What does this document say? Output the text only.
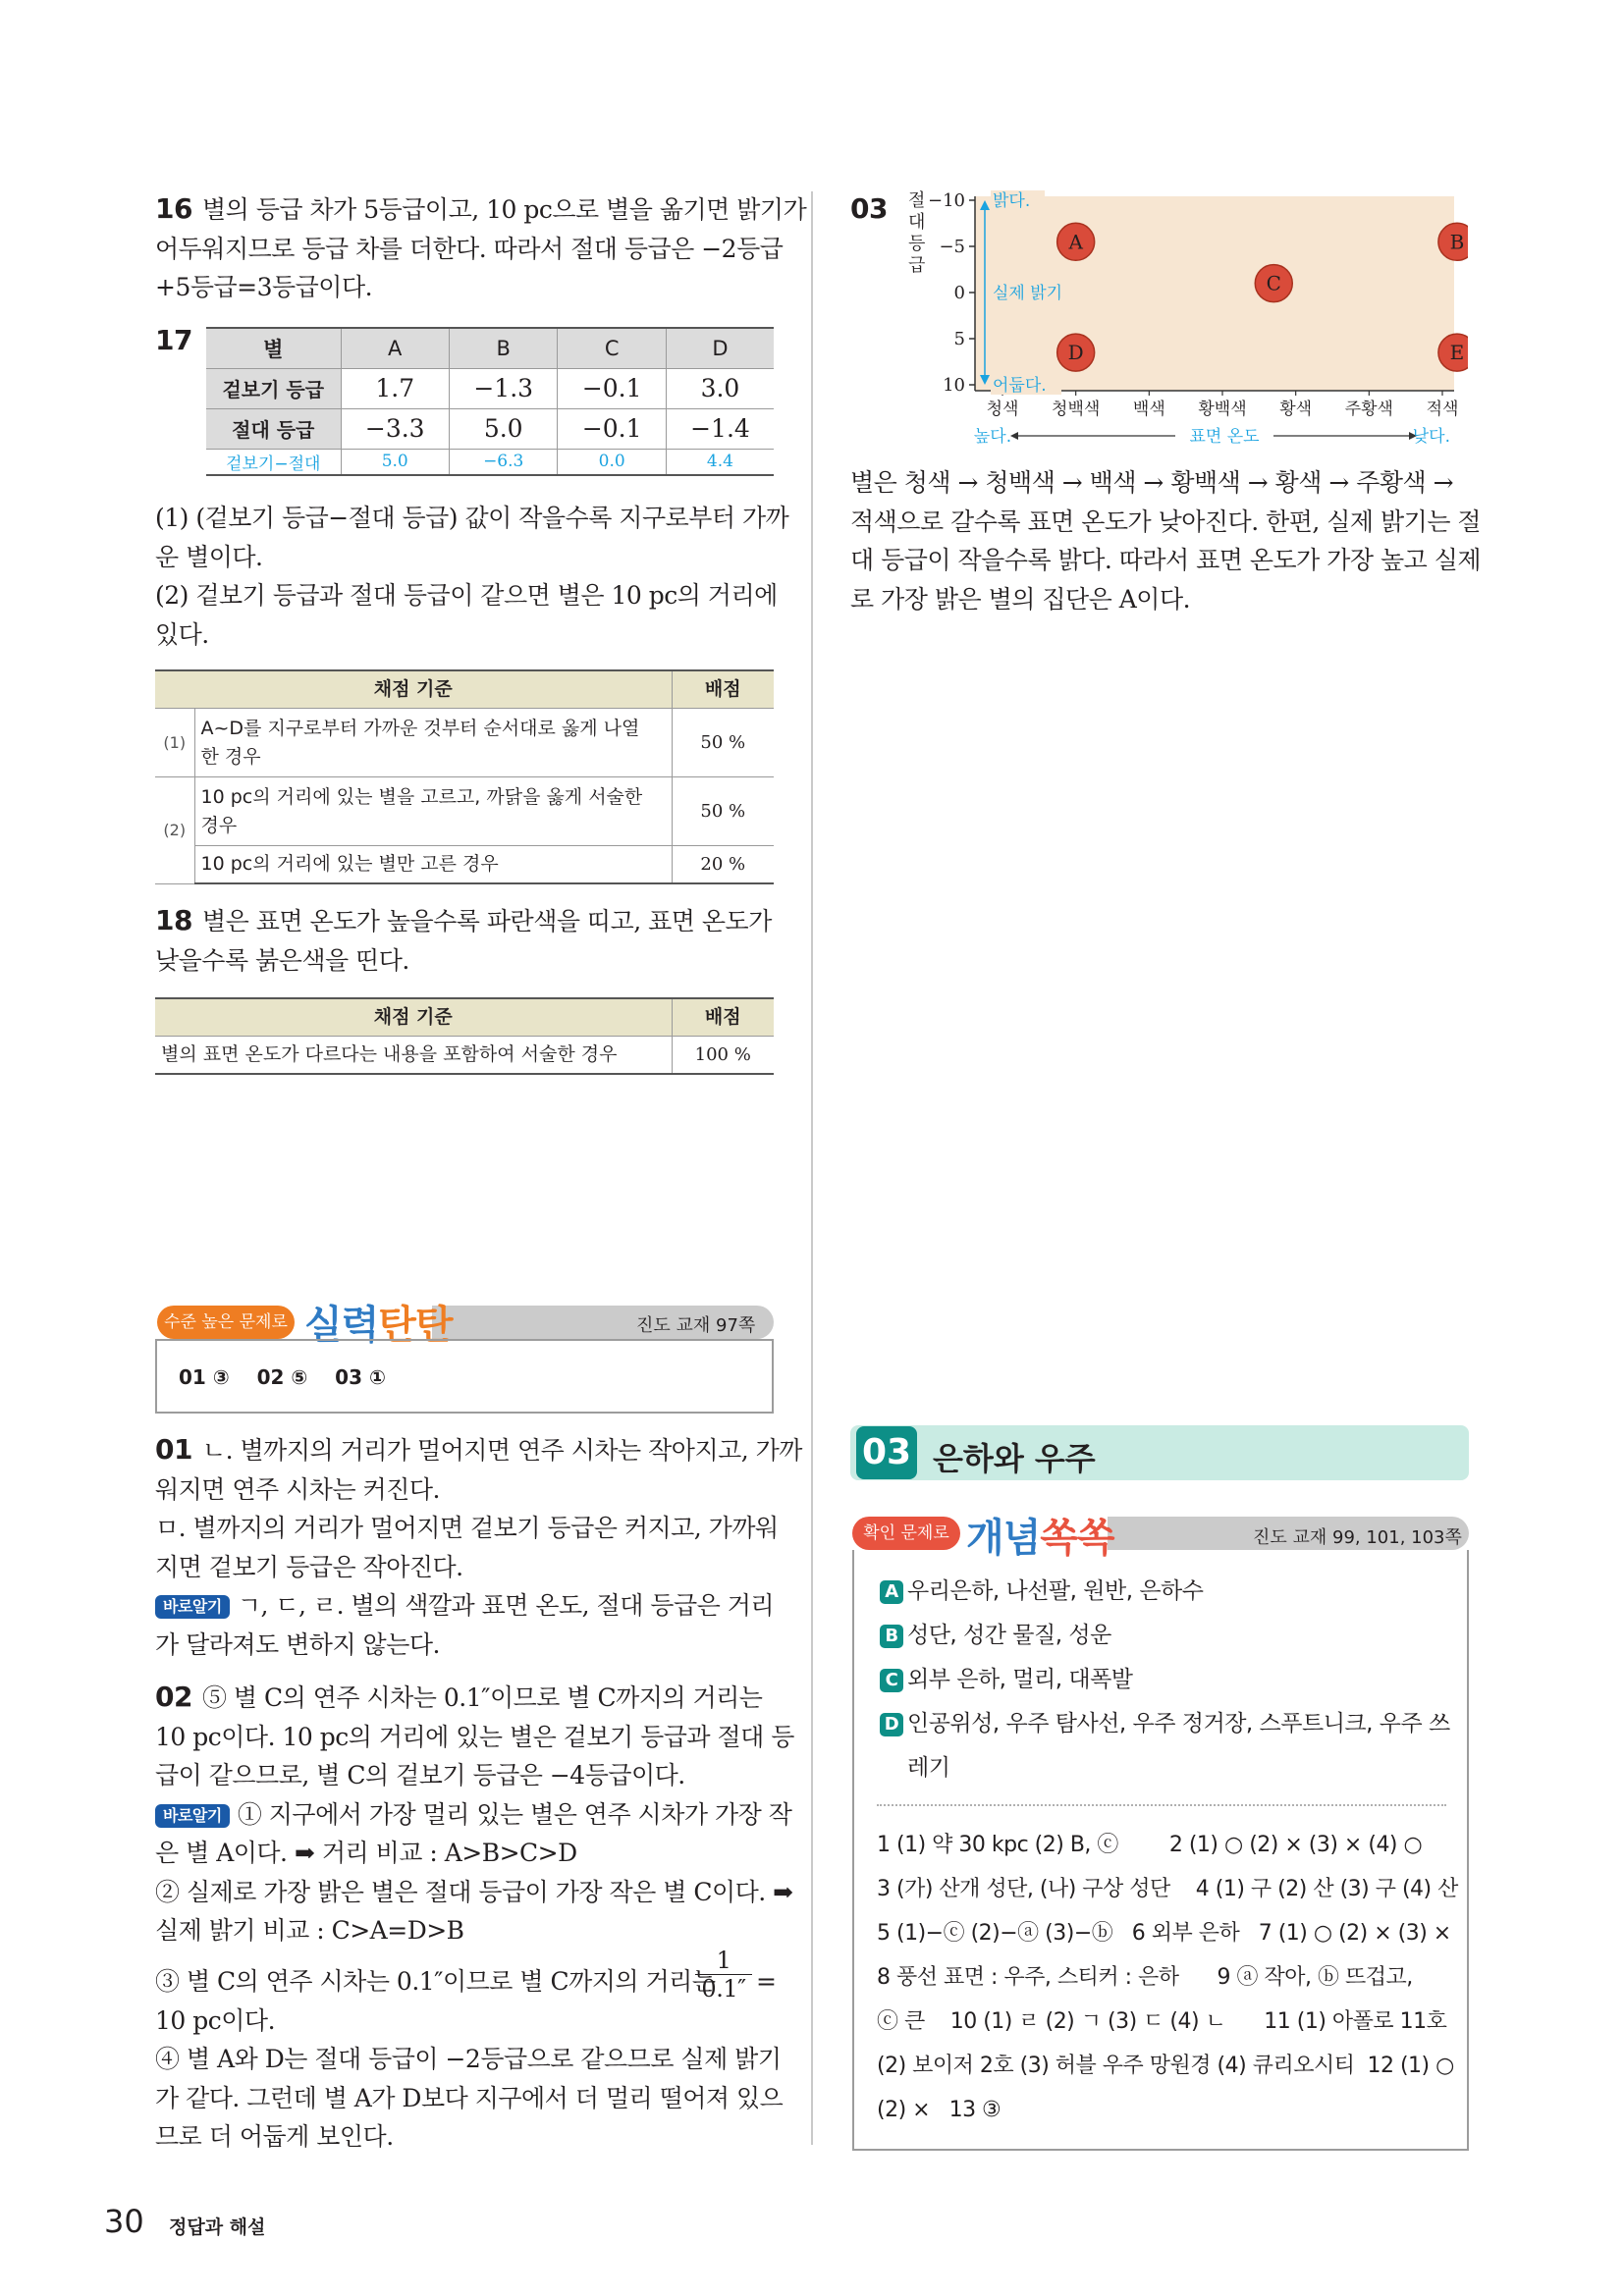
16 별의 등급 차가 5등급이고, 10 pc으로 별을 옮기면 밝기가
어두워지므로 등급 차를 더한다. 따라서 절대 등급은 −2등급
+5등급=3등급이다.
17	별	A	B	C	D
겉보기 등급	1.7	−1.3	−0.1	3.0
절대 등급	−3.3	5.0	−0.1	−1.4
겉보기−절대	5.0	−6.3	0.0	4.4
(1) (겉보기 등급−절대 등급) 값이 작을수록 지구로부터 가까
운 별이다.
(2) 겉보기 등급과 절대 등급이 같으면 별은 10 pc의 거리에
있다.
채점 기준		배점
(1)	A~D를 지구로부터 가까운 것부터 순서대로 옳게 나열
한 경우	50 %
(2)	10 pc의 거리에 있는 별을 고르고, 까닭을 옳게 서술한
경우	50 %
	10 pc의 거리에 있는 별만 고른 경우	20 %
18 별은 표면 온도가 높을수록 파란색을 띠고, 표면 온도가
낮을수록 붉은색을 띤다.
채점 기준	배점
별의 표면 온도가 다르다는 내용을 포함하여 서술한 경우	100 %
수준 높은 문제로 실력탄탄	진도 교재 97쪽
01 ③    02 ⑤    03 ①
01 ㄴ. 별까지의 거리가 멀어지면 연주 시차는 작아지고, 가까
워지면 연주 시차는 커진다.
ㅁ. 별까지의 거리가 멀어지면 겉보기 등급은 커지고, 가까워
지면 겉보기 등급은 작아진다.
바로알기 ㄱ, ㄷ, ㄹ. 별의 색깔과 표면 온도, 절대 등급은 거리
가 달라져도 변하지 않는다.
02 ⑤ 별 C의 연주 시차는 0.1″이므로 별 C까지의 거리는
10 pc이다. 10 pc의 거리에 있는 별은 겉보기 등급과 절대 등
급이 같으므로, 별 C의 겉보기 등급은 −4등급이다.
바로알기 ① 지구에서 가장 멀리 있는 별은 연주 시차가 가장 작
은 별 A이다. ➡ 거리 비교 : A>B>C>D
② 실제로 가장 밝은 별은 절대 등급이 가장 작은 별 C이다. ➡
실제 밝기 비교 : C>A=D>B
③ 별 C의 연주 시차는 0.1″이므로 별 C까지의 거리는
1
0.1″ =
10 pc이다.
④ 별 A와 D는 절대 등급이 −2등급으로 같으므로 실제 밝기
가 같다. 그런데 별 A가 D보다 지구에서 더 멀리 떨어져 있으
므로 더 어둡게 보인다.
03
A	B
C
D	E
절 대 등 급
−10
−5
0
5
10
밝다.
실제 밝기
어둡다.
청색 청백색 백색 황백색 황색 주황색 적색
높다.	표면 온도	낮다.
별은 청색 → 청백색 → 백색 → 황백색 → 황색 → 주황색 →
적색으로 갈수록 표면 온도가 낮아진다. 한편, 실제 밝기는 절
대 등급이 작을수록 밝다. 따라서 표면 온도가 가장 높고 실제
로 가장 밝은 별의 집단은 A이다.
03 은하와 우주
확인 문제로 개념쏙쏙	진도 교재 99, 101, 103쪽
A 우리은하, 나선팔, 원반, 은하수
B 성단, 성간 물질, 성운
C 외부 은하, 멀리, 대폭발
D 인공위성, 우주 탐사선, 우주 정거장, 스푸트니크, 우주 쓰
레기
1 (1) 약 30 kpc (2) B, ⓒ        2 (1) ○ (2) × (3) × (4) ○
3 (가) 산개 성단, (나) 구상 성단    4 (1) 구 (2) 산 (3) 구 (4) 산
5 (1)−ⓒ (2)−ⓐ (3)−ⓑ   6 외부 은하   7 (1) ○ (2) × (3) ×
8 풍선 표면 : 우주, 스티커 : 은하      9 ⓐ 작아, ⓑ 뜨겁고,
ⓒ 큰    10 (1) ㄹ (2) ㄱ (3) ㄷ (4) ㄴ      11 (1) 아폴로 11호
(2) 보이저 2호 (3) 허블 우주 망원경 (4) 큐리오시티  12 (1) ○
(2) ×   13 ③
30 정답과 해설
